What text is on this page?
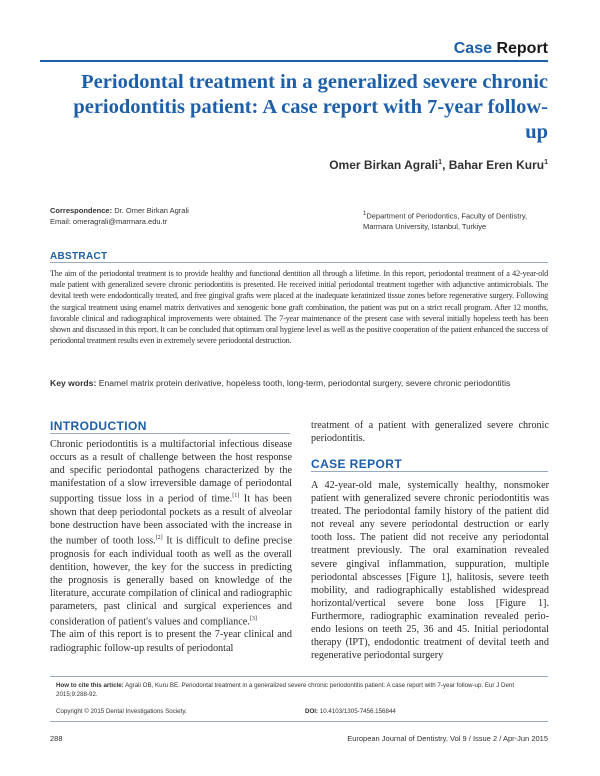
Case Report
Periodontal treatment in a generalized severe chronic periodontitis patient: A case report with 7-year follow-up
Omer Birkan Agrali$^1$, Bahar Eren Kuru$^1$
Correspondence: Dr. Omer Birkan Agrali
Email: omeragrali@marmara.edu.tr
$^1$Department of Periodontics, Faculty of Dentistry,
Marmara University, Istanbul, Turkiye
ABSTRACT
The aim of the periodontal treatment is to provide healthy and functional dentition all through a lifetime. In this report, periodontal treatment of a 42-year-old male patient with generalized severe chronic periodontitis is presented. He received initial periodontal treatment together with adjunctive antimicrobials. The devital teeth were endodontically treated, and free gingival grafts were placed at the inadequate keratinized tissue zones before regenerative surgery. Following the surgical treatment using enamel matrix derivatives and xenogenic bone graft combination, the patient was put on a strict recall program. After 12 months, favorable clinical and radiographical improvements were obtained. The 7-year maintenance of the present case with several initially hopeless teeth has been shown and discussed in this report. It can be concluded that optimum oral hygiene level as well as the positive cooperation of the patient enhanced the success of periodontal treatment results even in extremely severe periodontal destruction.
Key words: Enamel matrix protein derivative, hopeless tooth, long-term, periodontal surgery, severe chronic periodontitis
INTRODUCTION

Chronic periodontitis is a multifactorial infectious disease occurs as a result of challenge between the host response and specific periodontal pathogens characterized by the manifestation of a slow irreversible damage of periodontal supporting tissue loss in a period of time.[1] It has been shown that deep periodontal pockets as a result of alveolar bone destruction have been associated with the increase in the number of tooth loss.[2] It is difficult to define precise prognosis for each individual tooth as well as the overall dentition, however, the key for the success in predicting the prognosis is generally based on knowledge of the literature, accurate compilation of clinical and radiographic parameters, past clinical and surgical experiences and consideration of patient's values and compliance.[3]

The aim of this report is to present the 7-year clinical and radiographic follow-up results of periodontal

treatment of a patient with generalized severe chronic periodontitis.
CASE REPORT
A 42-year-old male, systemically healthy, nonsmoker patient with generalized severe chronic periodontitis was treated. The periodontal family history of the patient did not reveal any severe periodontal destruction or early tooth loss. The patient did not receive any periodontal treatment previously. The oral examination revealed severe gingival inflammation, suppuration, multiple periodontal abscesses [Figure 1], halitosis, severe teeth mobility, and radiographically established widespread horizontal/vertical severe bone loss [Figure 1]. Furthermore, radiographic examination revealed perio-endo lesions on teeth 25, 36 and 45. Initial periodontal therapy (IPT), endodontic treatment of devital teeth and regenerative periodontal surgery
How to cite this article: Agrali OB, Kuru BE. Periodontal treatment in a generalized severe chronic periodontitis patient: A case report with 7-year follow-up. Eur J Dent 2015;9:288-92.
Copyright © 2015 Dental Investigations Society.	DOI: 10.4103/1305-7456.156844
288	European Journal of Dentistry, Vol 9 / Issue 2 / Apr-Jun 2015
